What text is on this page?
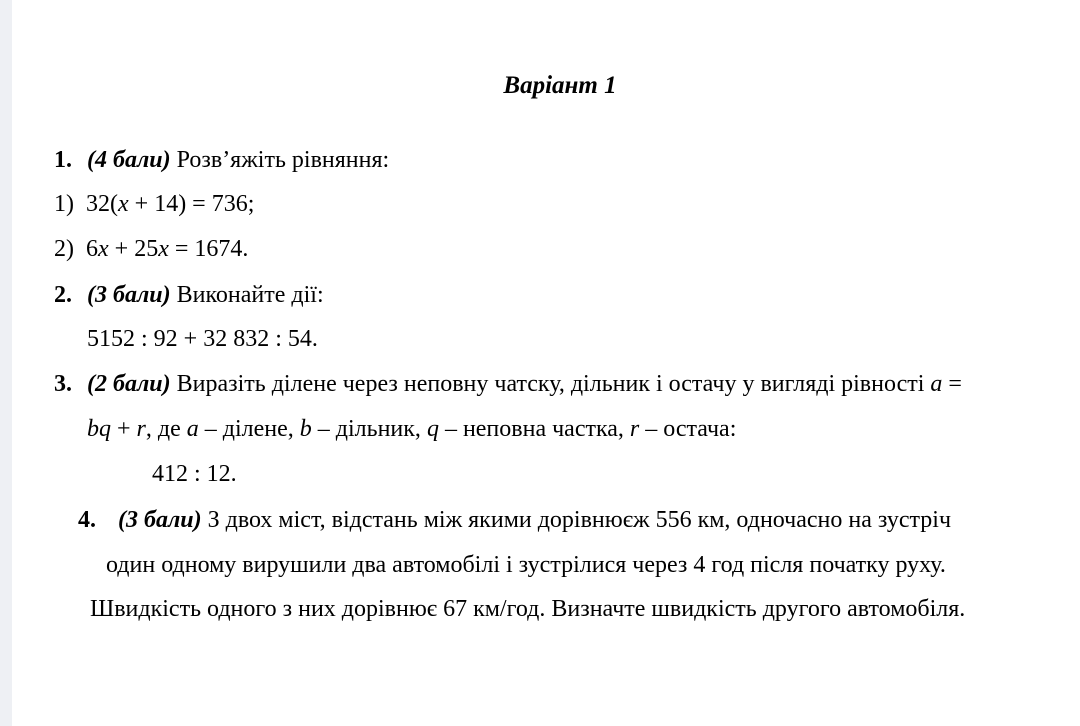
Варіант 1
1. (4 бали) Розв’яжіть рівняння:
1) 32(x + 14) = 736;
2) 6x + 25x = 1674.
2. (3 бали) Виконайте дії:
5152 : 92 + 32 832 : 54.
3. (2 бали) Виразіть ділене через неповну чатску, дільник і остачу у вигляді рівності a =
bq + r, де a – ділене, b – дільник, q – неповна частка, r – остача:
412 : 12.
4. (3 бали) З двох міст, відстань між якими дорівнюєж 556 км, одночасно на зустріч
один одному вирушили два автомобілі і зустрілися через 4 год після початку руху.
Швидкість одного з них дорівнює 67 км/год. Визначте швидкість другого автомобіля.
